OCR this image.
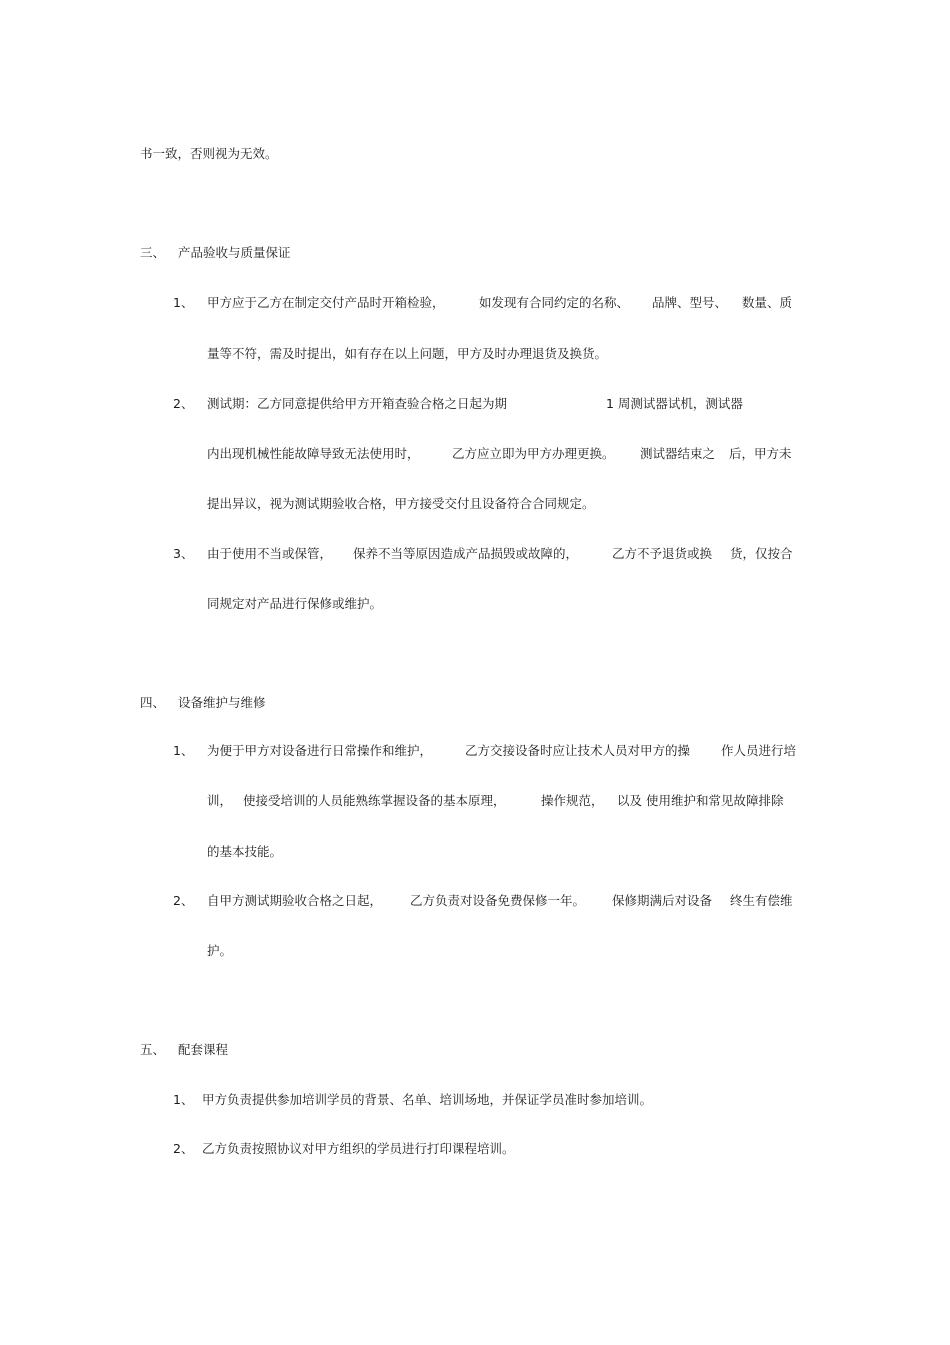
书一致，否则视为无效。
三、 产品验收与质量保证
1、 甲方应于乙方在制定交付产品时开箱检验，	如发现有合同约定的名称、 品牌、型号、 数量、质
量等不符，需及时提出，如有存在以上问题，甲方及时办理退货及换货。
2、 测试期：乙方同意提供给甲方开箱查验合格之日起为期	1 周测试器试机，测试器
内出现机械性能故障导致无法使用时，	乙方应立即为甲方办理更换。 测试器结束之 后，甲方未
提出异议，视为测试期验收合格，甲方接受交付且设备符合合同规定。
3、 由于使用不当或保管， 保养不当等原因造成产品损毁或故障的，	乙方不予退货或换 货，仅按合
同规定对产品进行保修或维护。
四、 设备维护与维修
1、 为便于甲方对设备进行日常操作和维护，	乙方交接设备时应让技术人员对甲方的操 作人员进行培
训， 使接受培训的人员能熟练掌握设备的基本原理，	操作规范， 以及 使用维护和常见故障排除
的基本技能。
2、 自甲方测试期验收合格之日起， 乙方负责对设备免费保修一年。 保修期满后对设备 终生有偿维
护。
五、 配套课程
1、 甲方负责提供参加培训学员的背景、名单、培训场地，并保证学员准时参加培训。
2、 乙方负责按照协议对甲方组织的学员进行打印课程培训。
